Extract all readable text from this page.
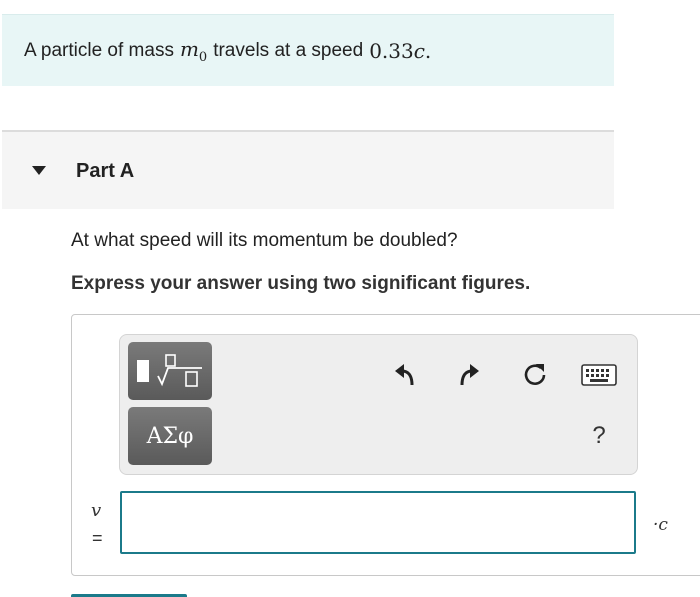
A particle of mass $m_0$ travels at a speed 0.33c.
Part A
At what speed will its momentum be doubled?
Express your answer using two significant figures.
ΑΣφ	?
v
=
·c
